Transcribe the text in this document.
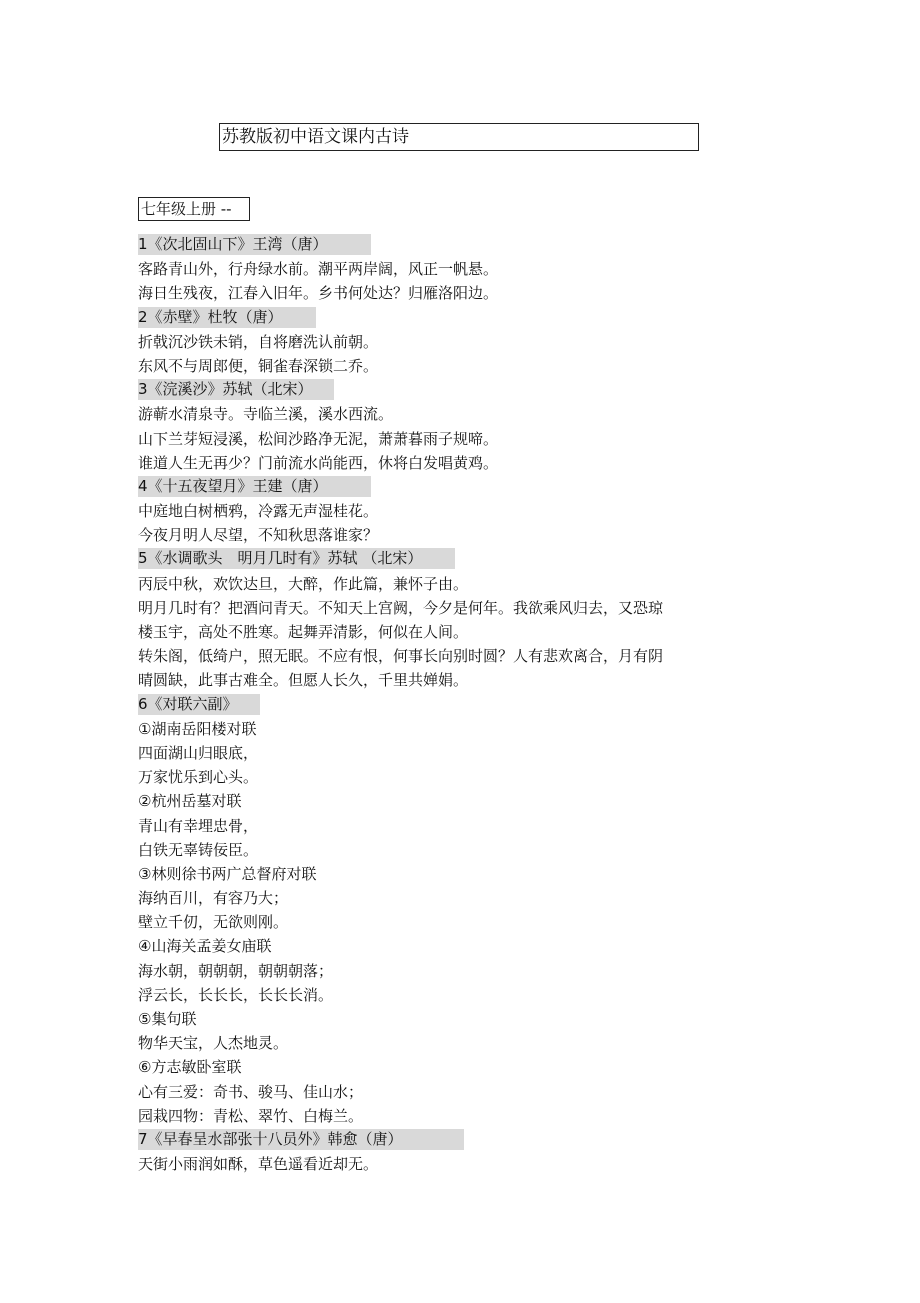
苏教版初中语文课内古诗
七年级上册 --
1《次北固山下》王湾（唐）
客路青山外，行舟绿水前。潮平两岸阔，风正一帆悬。
海日生残夜，江春入旧年。乡书何处达？归雁洛阳边。
2《赤壁》杜牧（唐）
折戟沉沙铁未销，自将磨洗认前朝。
东风不与周郎便，铜雀春深锁二乔。
3《浣溪沙》苏轼（北宋）
游蕲水清泉寺。寺临兰溪，溪水西流。
山下兰芽短浸溪，松间沙路净无泥，萧萧暮雨子规啼。
谁道人生无再少？门前流水尚能西，休将白发唱黄鸡。
4《十五夜望月》王建（唐）
中庭地白树栖鸦，冷露无声湿桂花。
今夜月明人尽望，不知秋思落谁家？
5《水调歌头　明月几时有》苏轼 （北宋）
丙辰中秋，欢饮达旦，大醉，作此篇，兼怀子由。
明月几时有？把酒问青天。不知天上宫阙，今夕是何年。我欲乘风归去，又恐琼
楼玉宇，高处不胜寒。起舞弄清影，何似在人间。
转朱阁，低绮户，照无眠。不应有恨，何事长向别时圆？人有悲欢离合，月有阴
晴圆缺，此事古难全。但愿人长久，千里共婵娟。
6《对联六副》
①湖南岳阳楼对联
四面湖山归眼底，
万家忧乐到心头。
②杭州岳墓对联
青山有幸埋忠骨，
白铁无辜铸佞臣。
③林则徐书两广总督府对联
海纳百川，有容乃大；
壁立千仞，无欲则刚。
④山海关孟姜女庙联
海水朝，朝朝朝，朝朝朝落；
浮云长，长长长，长长长消。
⑤集句联
物华天宝，人杰地灵。
⑥方志敏卧室联
心有三爱：奇书、骏马、佳山水；
园栽四物：青松、翠竹、白梅兰。
7《早春呈水部张十八员外》韩愈（唐）
天街小雨润如酥，草色遥看近却无。
